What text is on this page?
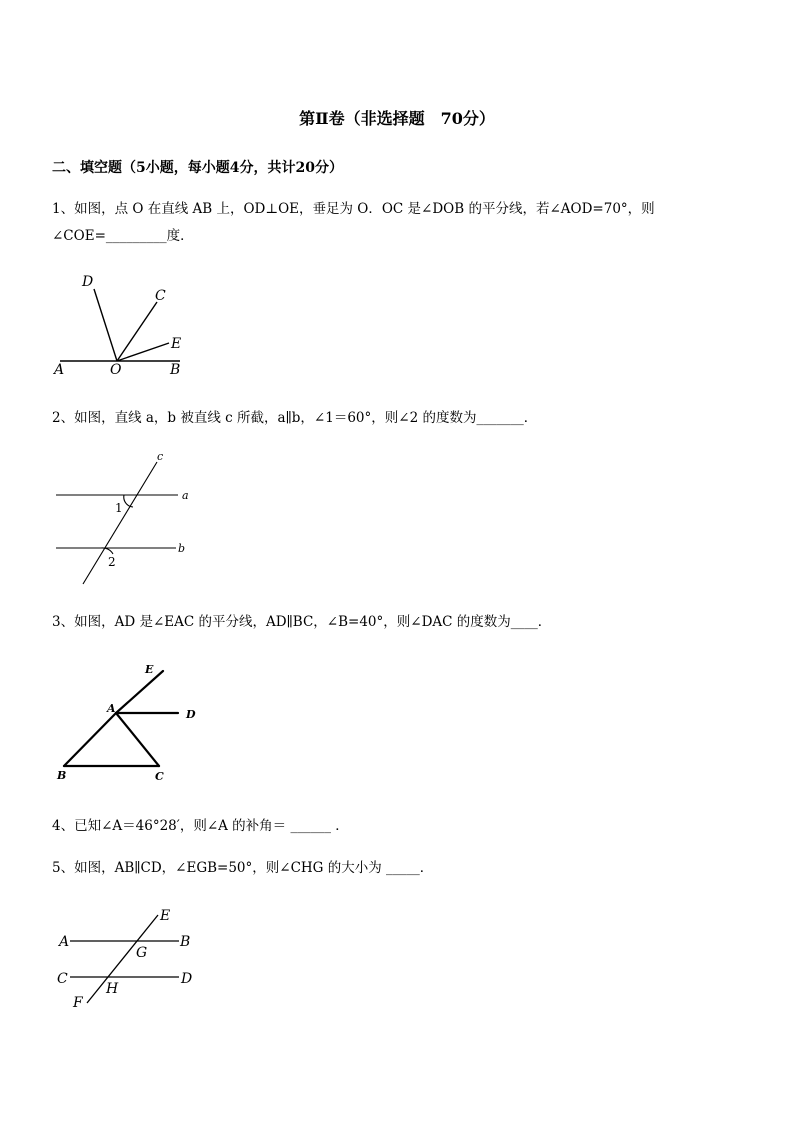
第Ⅱ卷（非选择题　70分）
二、填空题（5小题，每小题4分，共计20分）
1、如图，点 O 在直线 AB 上，OD⊥OE，垂足为 O．OC 是∠DOB 的平分线，若∠AOD=70°，则
∠COE=_________度．
D
C
E
A	O	B
2、如图，直线 a，b 被直线 c 所截，a∥b，∠1＝60°，则∠2 的度数为_______．
c
a
b
1
2
3、如图，AD 是∠EAC 的平分线，AD∥BC，∠B=40°，则∠DAC 的度数为____．
E
A	D
B	C
4、已知∠A＝46°28′，则∠A 的补角＝ ______ ．
5、如图，AB∥CD，∠EGB=50°，则∠CHG 的大小为 _____．
E
A
G
B
C	D
H
F
